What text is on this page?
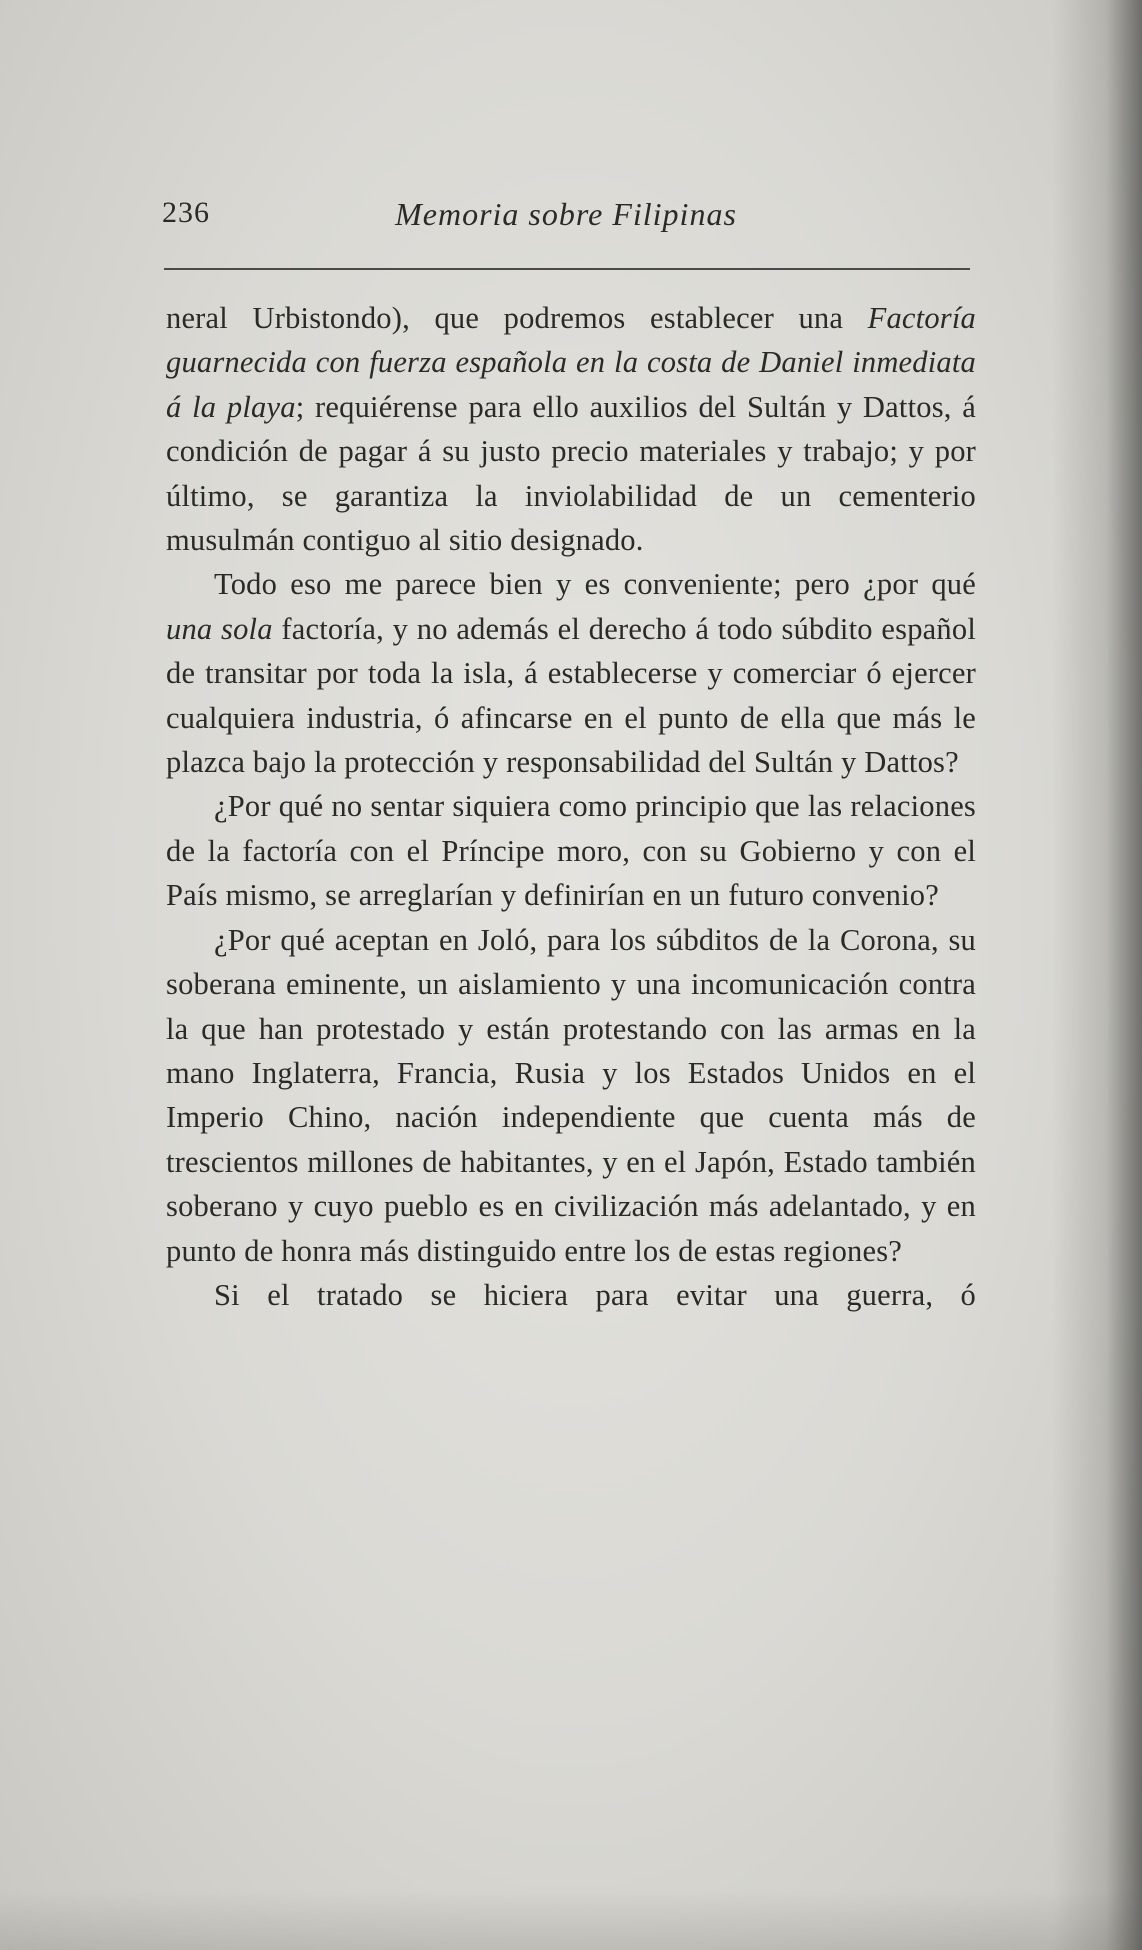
236	Memoria sobre Filipinas

neral Urbistondo), que podremos establecer una Factoría guarnecida con fuerza española en la costa de Daniel inmediata á la playa; requiérense para ello auxilios del Sultán y Dattos, á condición de pagar á su justo precio materiales y trabajo; y por último, se garantiza la inviolabilidad de un cementerio musulmán contiguo al sitio designado.

Todo eso me parece bien y es conveniente; pero ¿por qué una sola factoría, y no además el derecho á todo súbdito español de transitar por toda la isla, á establecerse y comerciar ó ejercer cualquiera industria, ó afincarse en el punto de ella que más le plazca bajo la protección y responsabilidad del Sultán y Dattos?

¿Por qué no sentar siquiera como principio que las relaciones de la factoría con el Príncipe moro, con su Gobierno y con el País mismo, se arreglarían y definirían en un futuro convenio?

¿Por qué aceptan en Joló, para los súbditos de la Corona, su soberana eminente, un aislamiento y una incomunicación contra la que han protestado y están protestando con las armas en la mano Inglaterra, Francia, Rusia y los Estados Unidos en el Imperio Chino, nación independiente que cuenta más de trescientos millones de habitantes, y en el Japón, Estado también soberano y cuyo pueblo es en civilización más adelantado, y en punto de honra más distinguido entre los de estas regiones?

Si el tratado se hiciera para evitar una guerra, ó
